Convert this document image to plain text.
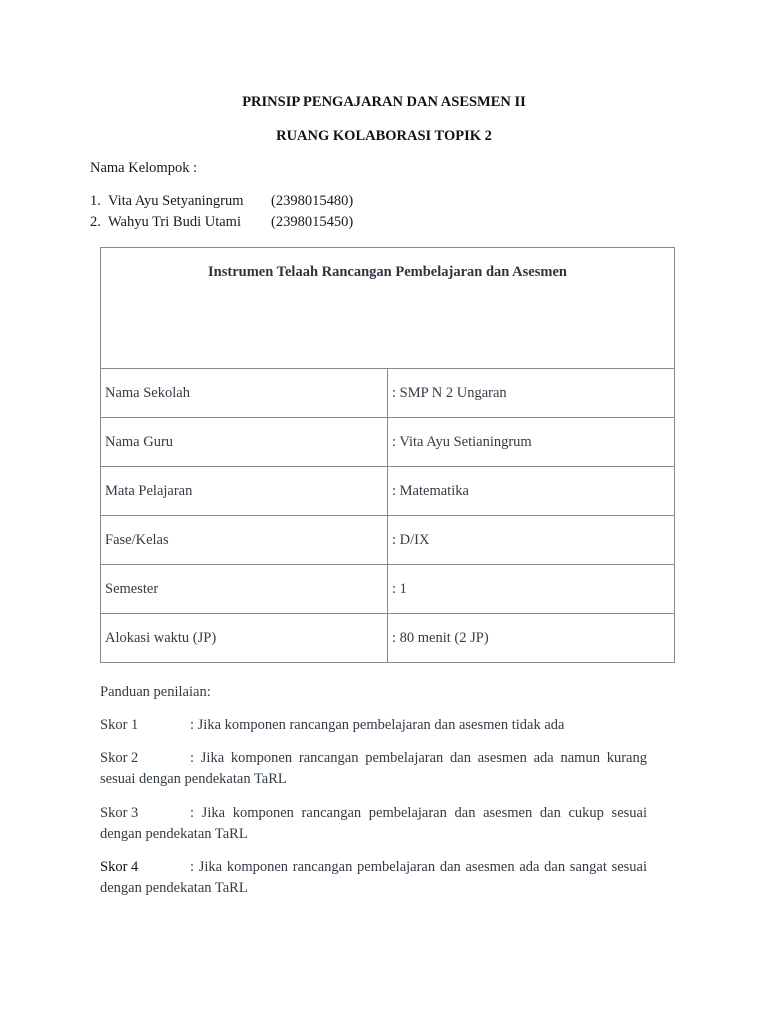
PRINSIP PENGAJARAN DAN ASESMEN II

RUANG KOLABORASI TOPIK 2

Nama Kelompok :
1. Vita Ayu Setyaningrum (2398015480)
2. Wahyu Tri Budi Utami (2398015450)
Instrumen Telaah Rancangan Pembelajaran dan Asesmen	
Nama Sekolah	: SMP N 2 Ungaran
Nama Guru	: Vita Ayu Setianingrum
Mata Pelajaran	: Matematika
Fase/Kelas	: D/IX
Semester	: 1
Alokasi waktu (JP)	: 80 menit (2 JP)
Panduan penilaian:
Skor 1	: Jika komponen rancangan pembelajaran dan asesmen tidak ada
Skor 2	: Jika komponen rancangan pembelajaran dan asesmen ada namun kurang sesuai dengan pendekatan TaRL
Skor 3	: Jika komponen rancangan pembelajaran dan asesmen dan cukup sesuai dengan pendekatan TaRL
Skor 4	: Jika komponen rancangan pembelajaran dan asesmen ada dan sangat sesuai dengan pendekatan TaRL
